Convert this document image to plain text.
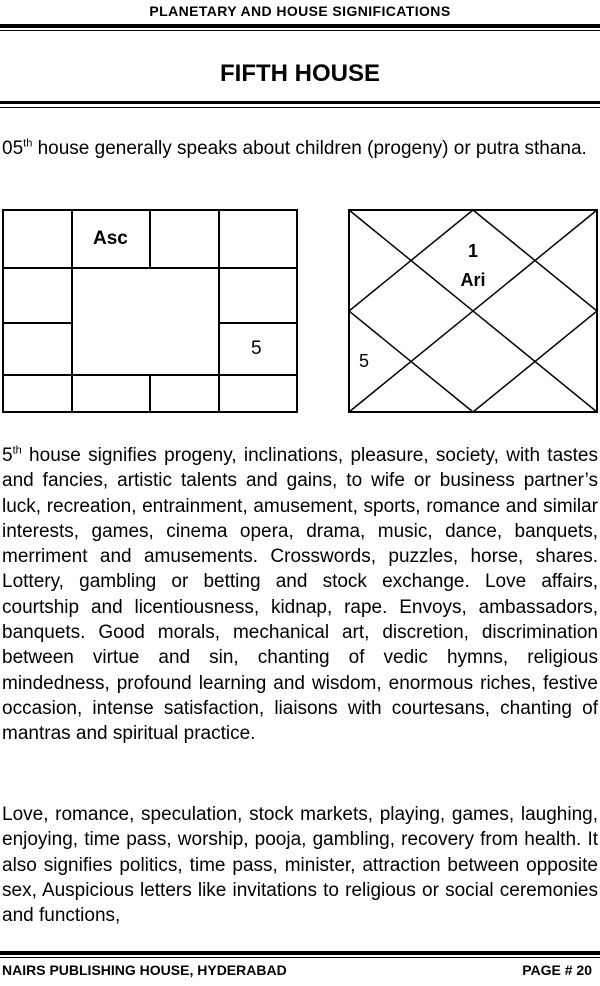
PLANETARY AND HOUSE SIGNIFICATIONS
FIFTH HOUSE
05th house generally speaks about children (progeny) or putra sthana.
Asc
5
1
Ari
5
5th house signifies progeny, inclinations, pleasure, society, with tastes and fancies, artistic talents and gains, to wife or business partner’s luck, recreation, entrainment, amusement, sports, romance and similar interests, games, cinema opera, drama, music, dance, banquets, merriment and amusements. Crosswords, puzzles, horse, shares. Lottery, gambling or betting and stock exchange. Love affairs, courtship and licentiousness, kidnap, rape. Envoys, ambassadors, banquets. Good morals, mechanical art, discretion, discrimination between virtue and sin, chanting of vedic hymns, religious mindedness, profound learning and wisdom, enormous riches, festive occasion, intense satisfaction, liaisons with courtesans, chanting of mantras and spiritual practice.
Love, romance, speculation, stock markets, playing, games, laughing, enjoying, time pass, worship, pooja, gambling, recovery from health. It also signifies politics, time pass, minister, attraction between opposite sex, Auspicious letters like invitations to religious or social ceremonies and functions,
NAIRS PUBLISHING HOUSE, HYDERABAD	PAGE # 20
